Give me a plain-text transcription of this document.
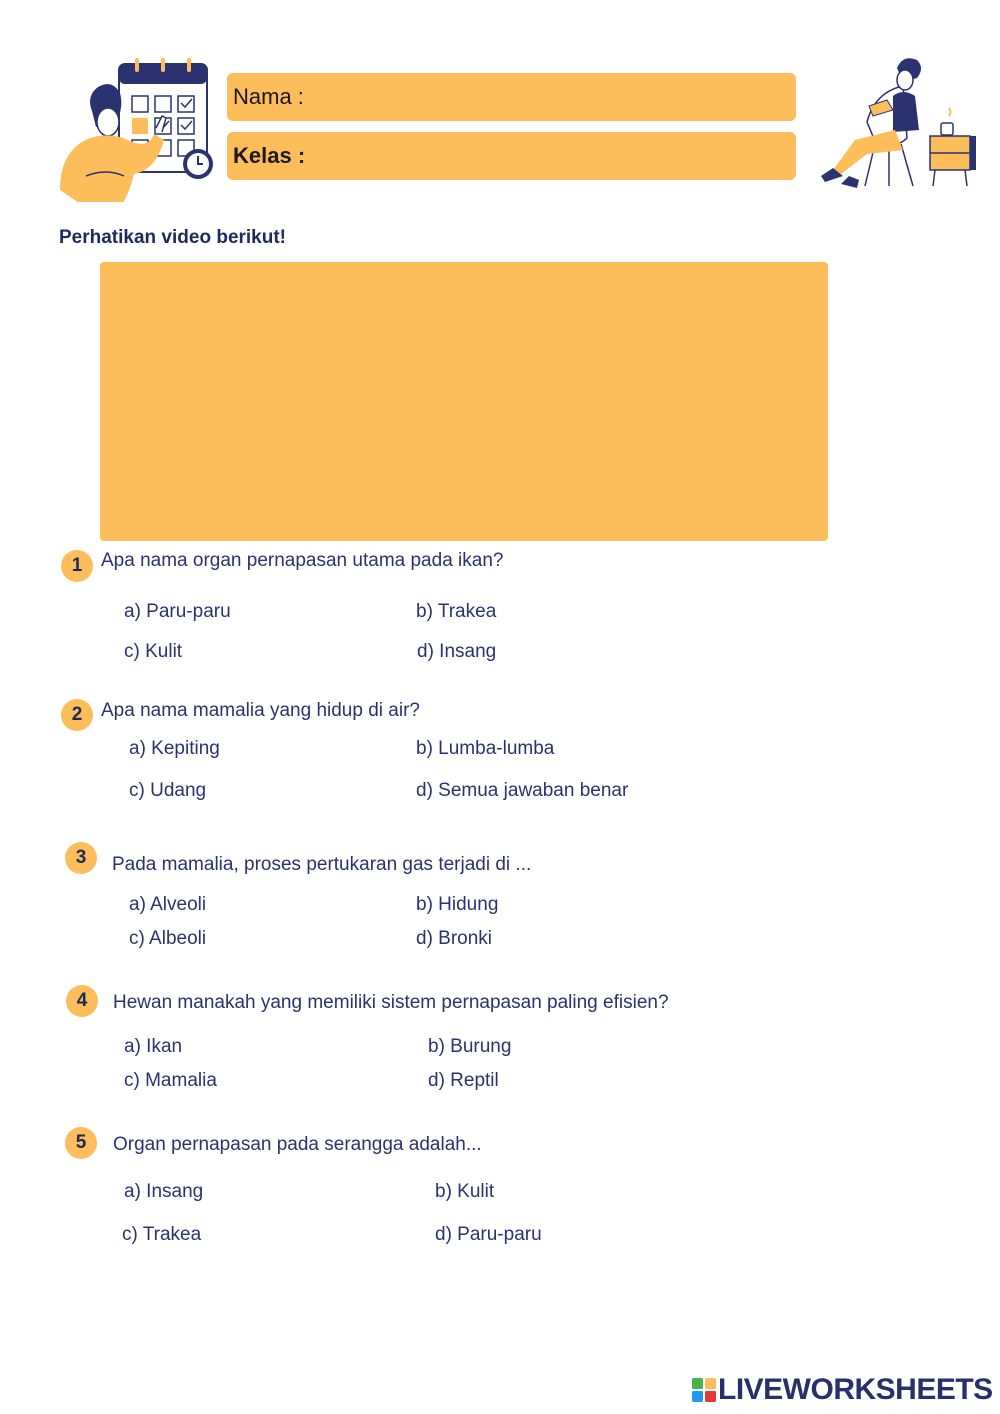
Nama :
Kelas :
Perhatikan video berikut!
1 Apa nama organ pernapasan utama pada ikan?
a) Paru-paru	b) Trakea
c) Kulit	d) Insang
2 Apa nama mamalia yang hidup di air?
a) Kepiting	b) Lumba-lumba
c) Udang	d) Semua jawaban benar
3	Pada mamalia, proses pertukaran gas terjadi di ...
a) Alveoli	b) Hidung
c) Albeoli	d) Bronki
4	Hewan manakah yang memiliki sistem pernapasan paling efisien?
a) Ikan	b) Burung
c) Mamalia	d) Reptil
5	Organ pernapasan pada serangga adalah...
a) Insang	b) Kulit
c) Trakea	d) Paru-paru
LIVEWORKSHEETS
